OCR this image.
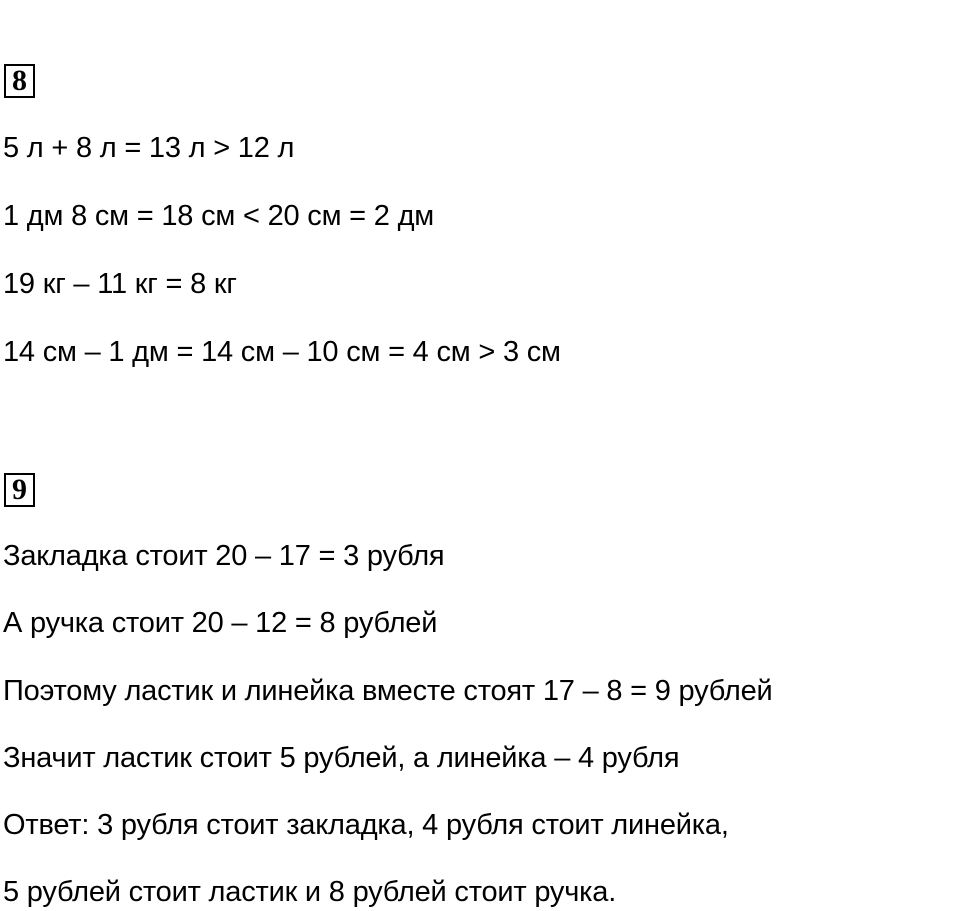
8
5 л + 8 л = 13 л > 12 л
1 дм 8 см = 18 см < 20 см = 2 дм
19 кг – 11 кг = 8 кг
14 см – 1 дм = 14 см – 10 см = 4 см > 3 см
9
Закладка стоит 20 – 17 = 3 рубля
А ручка стоит 20 – 12 = 8 рублей
Поэтому ластик и линейка вместе стоят 17 – 8 = 9 рублей
Значит ластик стоит 5 рублей, а линейка – 4 рубля
Ответ: 3 рубля стоит закладка, 4 рубля стоит линейка,
5 рублей стоит ластик и 8 рублей стоит ручка.
